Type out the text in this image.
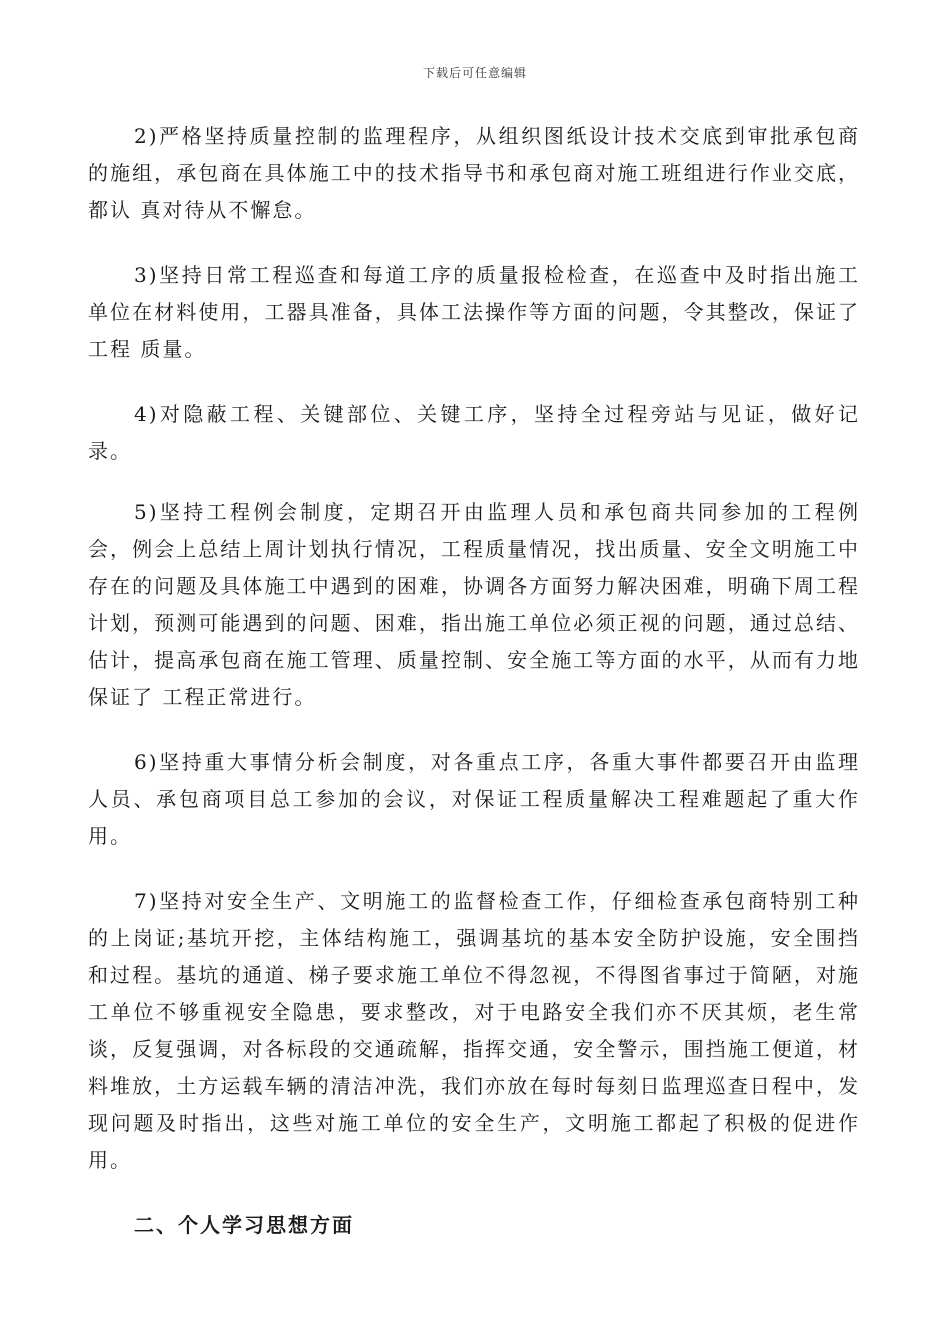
下载后可任意编辑

2)严格坚持质量控制的监理程序，从组织图纸设计技术交底到审批承包商的施组，承包商在具体施工中的技术指导书和承包商对施工班组进行作业交底，都认 真对待从不懈怠。

3)坚持日常工程巡查和每道工序的质量报检检查，在巡查中及时指出施工单位在材料使用，工器具准备，具体工法操作等方面的问题，令其整改，保证了工程 质量。

4)对隐蔽工程、关键部位、关键工序，坚持全过程旁站与见证，做好记录。

5)坚持工程例会制度，定期召开由监理人员和承包商共同参加的工程例会，例会上总结上周计划执行情况，工程质量情况，找出质量、安全文明施工中存在的问题及具体施工中遇到的困难，协调各方面努力解决困难，明确下周工程计划，预测可能遇到的问题、困难，指出施工单位必须正视的问题，通过总结、估计，提高承包商在施工管理、质量控制、安全施工等方面的水平，从而有力地保证了 工程正常进行。

6)坚持重大事情分析会制度，对各重点工序，各重大事件都要召开由监理人员、承包商项目总工参加的会议，对保证工程质量解决工程难题起了重大作用。

7)坚持对安全生产、文明施工的监督检查工作，仔细检查承包商特别工种的上岗证;基坑开挖，主体结构施工，强调基坑的基本安全防护设施，安全围挡和过程。基坑的通道、梯子要求施工单位不得忽视，不得图省事过于简陋，对施工单位不够重视安全隐患，要求整改，对于电路安全我们亦不厌其烦，老生常谈，反复强调，对各标段的交通疏解，指挥交通，安全警示，围挡施工便道，材料堆放，土方运载车辆的清洁冲洗，我们亦放在每时每刻日监理巡查日程中，发现问题及时指出，这些对施工单位的安全生产，文明施工都起了积极的促进作用。

二、个人学习思想方面
